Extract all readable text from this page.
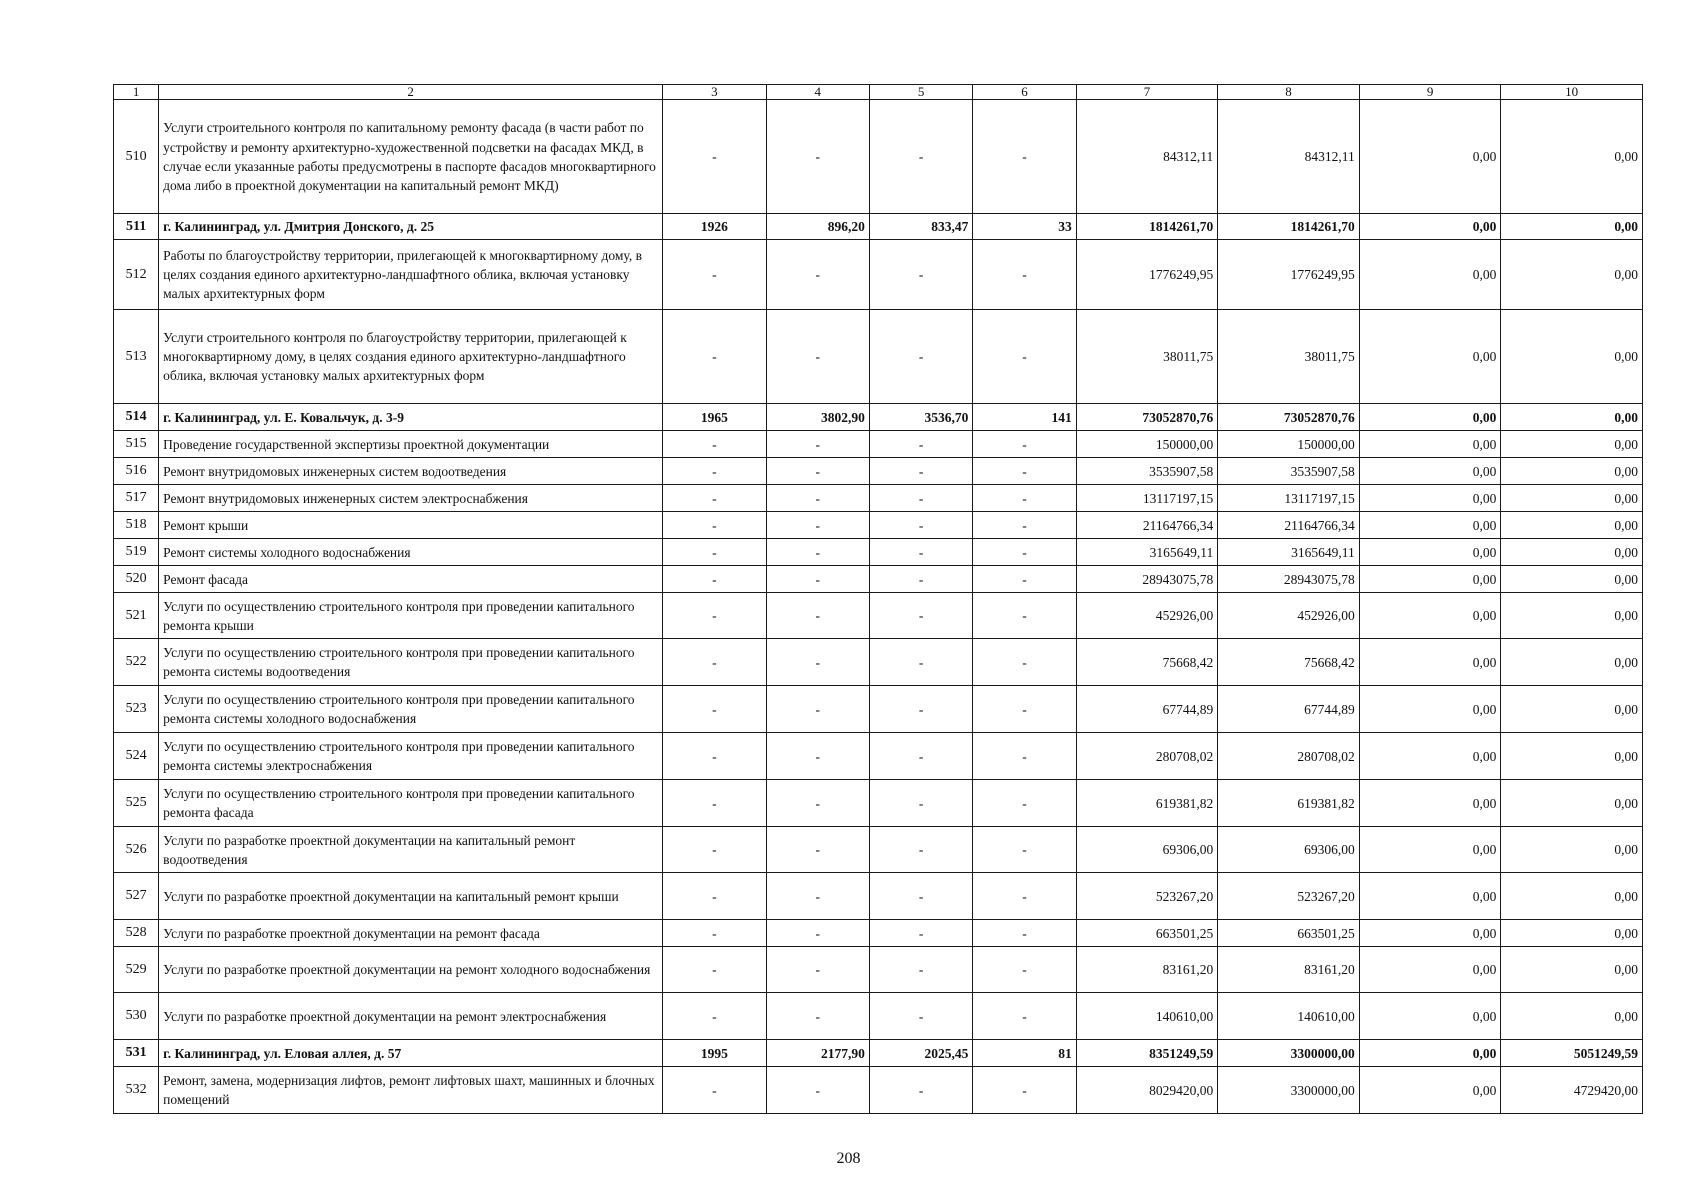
1	2	3	4	5	6	7	8	9	10
510	Услуги строительного контроля по капитальному ремонту фасада (в части работ по устройству и ремонту архитектурно-художественной подсветки на фасадах МКД, в случае если указанные работы предусмотрены в паспорте фасадов многоквартирного дома либо в проектной документации на капитальный ремонт МКД)	-	-	-	-	84312,11	84312,11	0,00	0,00
511	г. Калининград, ул. Дмитрия Донского, д. 25	1926	896,20	833,47	33	1814261,70	1814261,70	0,00	0,00
512	Работы по благоустройству территории, прилегающей к многоквартирному дому, в целях создания единого архитектурно-ландшафтного облика, включая установку малых архитектурных форм	-	-	-	-	1776249,95	1776249,95	0,00	0,00
513	Услуги строительного контроля по благоустройству территории, прилегающей к многоквартирному дому, в целях создания единого архитектурно-ландшафтного облика, включая установку малых архитектурных форм	-	-	-	-	38011,75	38011,75	0,00	0,00
514	г. Калининград, ул. Е. Ковальчук, д. 3-9	1965	3802,90	3536,70	141	73052870,76	73052870,76	0,00	0,00
515	Проведение государственной экспертизы проектной документации	-	-	-	-	150000,00	150000,00	0,00	0,00
516	Ремонт внутридомовых инженерных систем водоотведения	-	-	-	-	3535907,58	3535907,58	0,00	0,00
517	Ремонт внутридомовых инженерных систем электроснабжения	-	-	-	-	13117197,15	13117197,15	0,00	0,00
518	Ремонт крыши	-	-	-	-	21164766,34	21164766,34	0,00	0,00
519	Ремонт системы холодного водоснабжения	-	-	-	-	3165649,11	3165649,11	0,00	0,00
520	Ремонт фасада	-	-	-	-	28943075,78	28943075,78	0,00	0,00
521	Услуги по осуществлению строительного контроля при проведении капитального ремонта крыши	-	-	-	-	452926,00	452926,00	0,00	0,00
522	Услуги по осуществлению строительного контроля при проведении капитального ремонта системы водоотведения	-	-	-	-	75668,42	75668,42	0,00	0,00
523	Услуги по осуществлению строительного контроля при проведении капитального ремонта системы холодного водоснабжения	-	-	-	-	67744,89	67744,89	0,00	0,00
524	Услуги по осуществлению строительного контроля при проведении капитального ремонта системы электроснабжения	-	-	-	-	280708,02	280708,02	0,00	0,00
525	Услуги по осуществлению строительного контроля при проведении капитального ремонта фасада	-	-	-	-	619381,82	619381,82	0,00	0,00
526	Услуги по разработке проектной документации на капитальный ремонт водоотведения	-	-	-	-	69306,00	69306,00	0,00	0,00
527	Услуги по разработке проектной документации на капитальный ремонт крыши	-	-	-	-	523267,20	523267,20	0,00	0,00
528	Услуги по разработке проектной документации на ремонт фасада	-	-	-	-	663501,25	663501,25	0,00	0,00
529	Услуги по разработке проектной документации на ремонт холодного водоснабжения	-	-	-	-	83161,20	83161,20	0,00	0,00
530	Услуги по разработке проектной документации на ремонт электроснабжения	-	-	-	-	140610,00	140610,00	0,00	0,00
531	г. Калининград, ул. Еловая аллея, д. 57	1995	2177,90	2025,45	81	8351249,59	3300000,00	0,00	5051249,59
532	Ремонт, замена, модернизация лифтов, ремонт лифтовых шахт, машинных и блочных помещений	-	-	-	-	8029420,00	3300000,00	0,00	4729420,00
208
